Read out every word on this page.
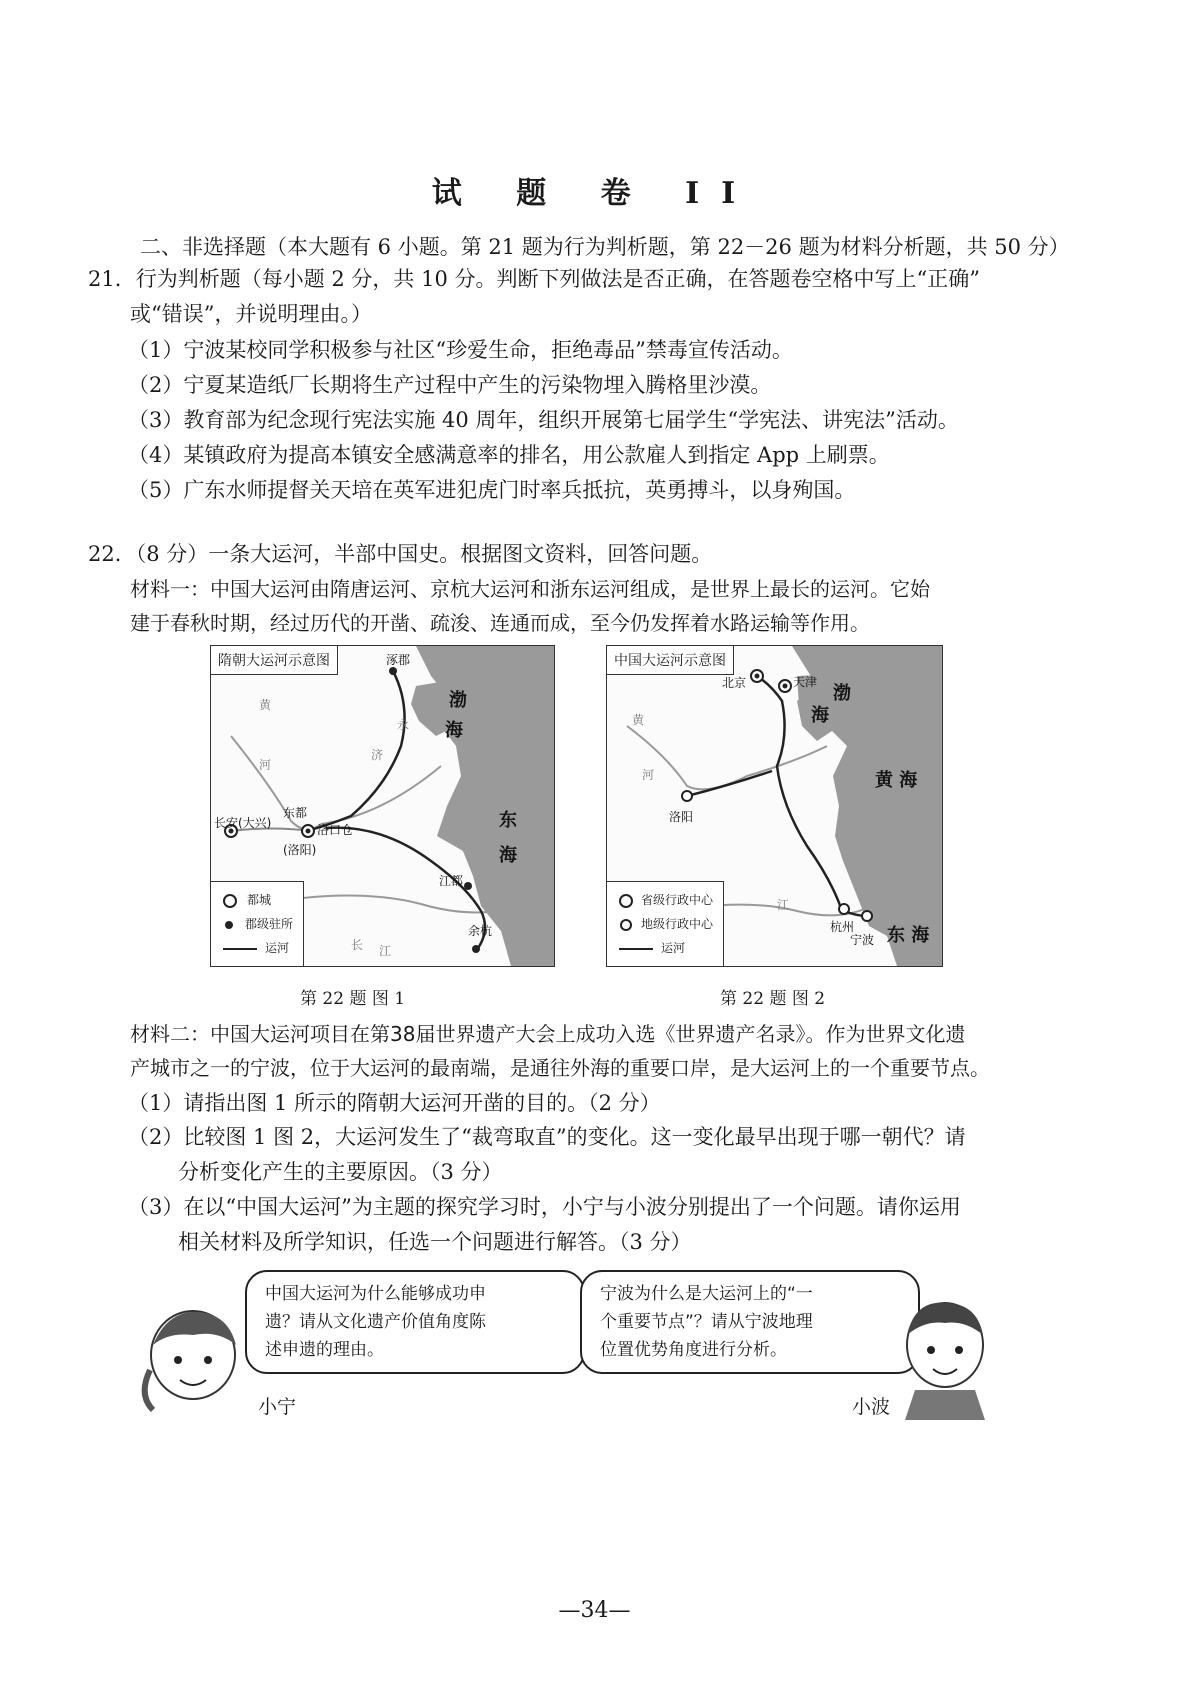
试 题 卷 II
二、非选择题（本大题有 6 小题。第 21 题为行为判析题，第 22－26 题为材料分析题，共 50 分）
21．行为判析题（每小题 2 分，共 10 分。判断下列做法是否正确，在答题卷空格中写上“正确”
或“错误”，并说明理由。）
（1）宁波某校同学积极参与社区“珍爱生命，拒绝毒品”禁毒宣传活动。
（2）宁夏某造纸厂长期将生产过程中产生的污染物埋入腾格里沙漠。
（3）教育部为纪念现行宪法实施 40 周年，组织开展第七届学生“学宪法、讲宪法”活动。
（4）某镇政府为提高本镇安全感满意率的排名，用公款雇人到指定 App 上刷票。
（5）广东水师提督关天培在英军进犯虎门时率兵抵抗，英勇搏斗，以身殉国。
22．（8 分）一条大运河，半部中国史。根据图文资料，回答问题。
材料一：中国大运河由隋唐运河、京杭大运河和浙东运河组成，是世界上最长的运河。它始
建于春秋时期，经过历代的开凿、疏浚、连通而成，至今仍发挥着水路运输等作用。
隋朝大运河示意图	涿郡
渤
海
东
海
长安(大兴)
东都
(洛阳)
洛口仓
江都
余杭
黄
河
济
永
长 江
都城
郡级驻所
运河
中国大运河示意图
北京	天津
渤
海
黄 海
洛阳
杭州
宁波 东 海
黄
河
江
省级行政中心
地级行政中心
运河
第 22 题 图 1	第 22 题 图 2
材料二：中国大运河项目在第38届世界遗产大会上成功入选《世界遗产名录》。作为世界文化遗
产城市之一的宁波，位于大运河的最南端，是通往外海的重要口岸，是大运河上的一个重要节点。
（1）请指出图 1 所示的隋朝大运河开凿的目的。（2 分）
（2）比较图 1 图 2，大运河发生了“裁弯取直”的变化。这一变化最早出现于哪一朝代？请
分析变化产生的主要原因。（3 分）
（3）在以“中国大运河”为主题的探究学习时，小宁与小波分别提出了一个问题。请你运用
相关材料及所学知识，任选一个问题进行解答。（3 分）
中国大运河为什么能够成功申
遗？请从文化遗产价值角度陈
述申遗的理由。
宁波为什么是大运河上的“一
个重要节点”？请从宁波地理
位置优势角度进行分析。
小宁	小波
—34—
